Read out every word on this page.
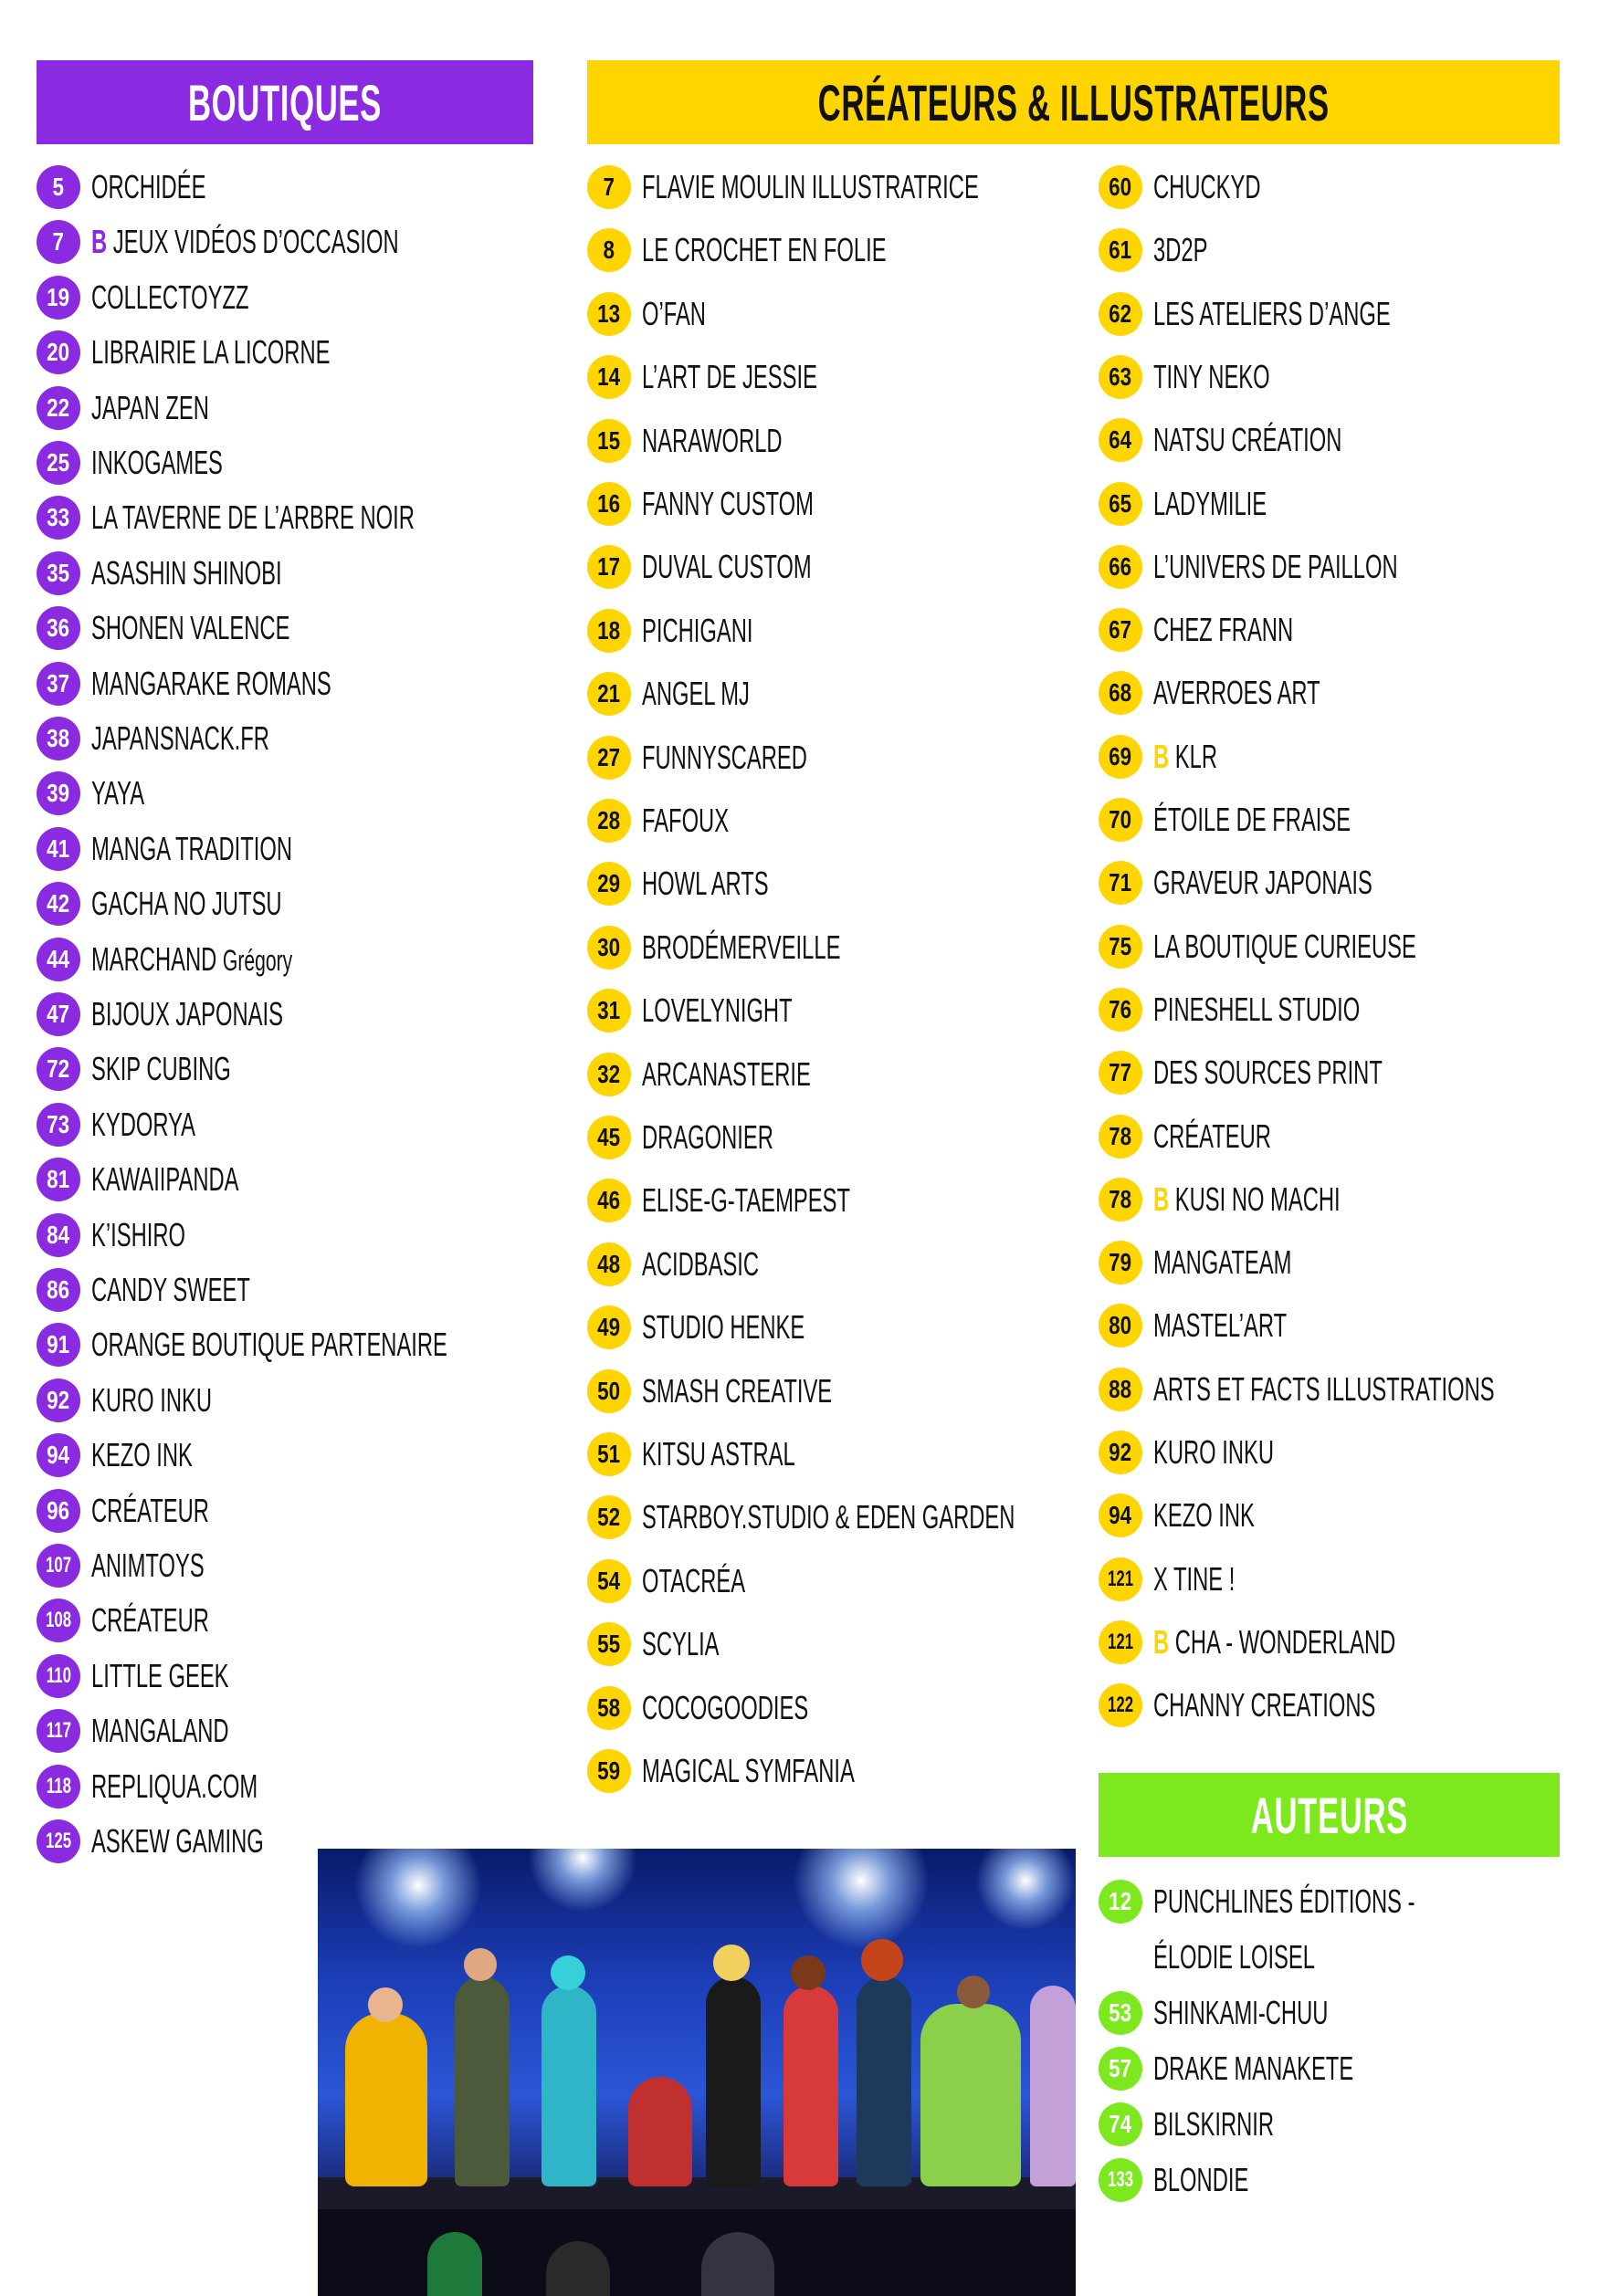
BOUTIQUES	CRÉATEURS & ILLUSTRATEURS
AUTEURS
5 ORCHIDÉE
7 B JEUX VIDÉOS D’OCCASION
19 COLLECTOYZZ
20 LIBRAIRIE LA LICORNE
22 JAPAN ZEN
25 INKOGAMES
33 LA TAVERNE DE L’ARBRE NOIR
35 ASASHIN SHINOBI
36 SHONEN VALENCE
37 MANGARAKE ROMANS
38 JAPANSNACK.FR
39 YAYA
41 MANGA TRADITION
42 GACHA NO JUTSU
44 MARCHAND Grégory
47 BIJOUX JAPONAIS
72 SKIP CUBING
73 KYDORYA
81 KAWAIIPANDA
84 K’ISHIRO
86 CANDY SWEET
91 ORANGE BOUTIQUE PARTENAIRE
92 KURO INKU
94 KEZO INK
96 CRÉATEUR
107 ANIMTOYS
108 CRÉATEUR
110 LITTLE GEEK
117 MANGALAND
118 REPLIQUA.COM
125 ASKEW GAMING
7 FLAVIE MOULIN ILLUSTRATRICE
8 LE CROCHET EN FOLIE
13 O’FAN
14 L’ART DE JESSIE
15 NARAWORLD
16 FANNY CUSTOM
17 DUVAL CUSTOM
18 PICHIGANI
21 ANGEL MJ
27 FUNNYSCARED
28 FAFOUX
29 HOWL ARTS
30 BRODÉMERVEILLE
31 LOVELYNIGHT
32 ARCANASTERIE
45 DRAGONIER
46 ELISE-G-TAEMPEST
48 ACIDBASIC
49 STUDIO HENKE
50 SMASH CREATIVE
51 KITSU ASTRAL
52 STARBOY.STUDIO & EDEN GARDEN
54 OTACRÉA
55 SCYLIA
58 COCOGOODIES
59 MAGICAL SYMFANIA
60 CHUCKYD
61 3D2P
62 LES ATELIERS D’ANGE
63 TINY NEKO
64 NATSU CRÉATION
65 LADYMILIE
66 L’UNIVERS DE PAILLON
67 CHEZ FRANN
68 AVERROES ART
69 B KLR
70 ÉTOILE DE FRAISE
71 GRAVEUR JAPONAIS
75 LA BOUTIQUE CURIEUSE
76 PINESHELL STUDIO
77 DES SOURCES PRINT
78 CRÉATEUR
78 B KUSI NO MACHI
79 MANGATEAM
80 MASTEL’ART
88 ARTS ET FACTS ILLUSTRATIONS
92 KURO INKU
94 KEZO INK
121 X TINE !
121 B CHA - WONDERLAND
122 CHANNY CREATIONS
12 PUNCHLINES ÉDITIONS -
ÉLODIE LOISEL
53 SHINKAMI-CHUU
57 DRAKE MANAKETE
74 BILSKIRNIR
133 BLONDIE
